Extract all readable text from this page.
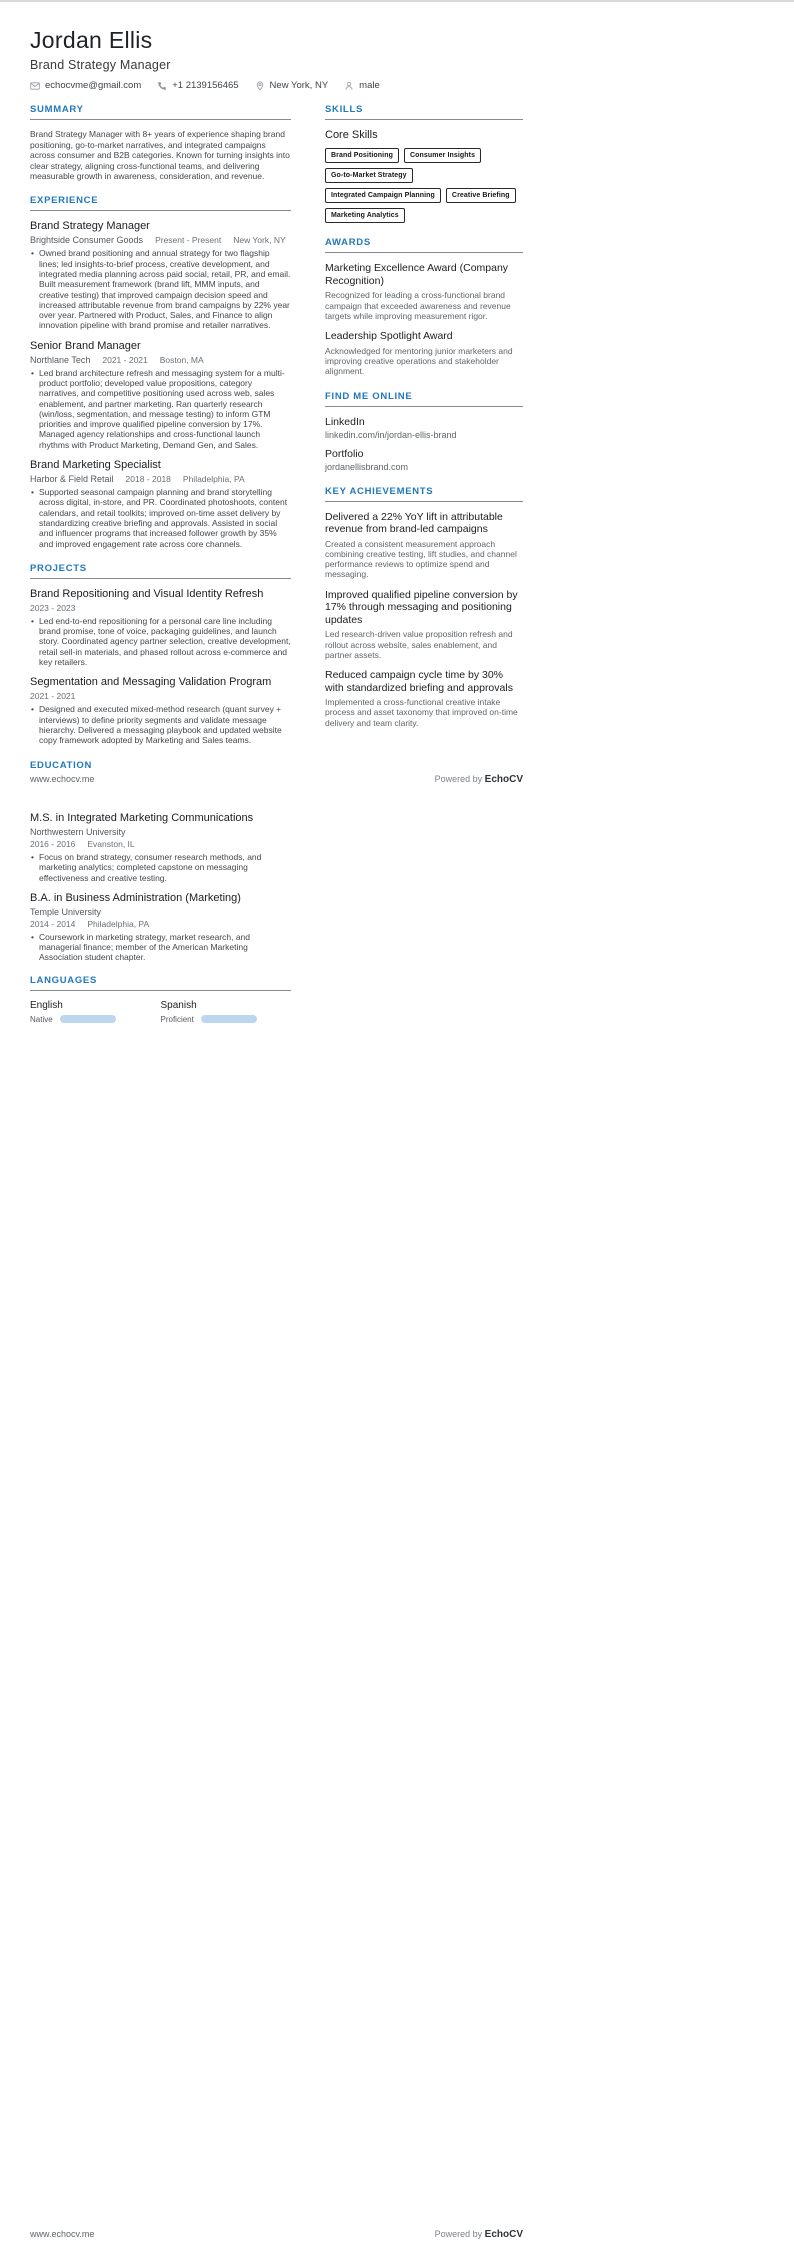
Jordan Ellis
Brand Strategy Manager
echocvme@gmail.com	+1 2139156465	New York, NY	male
SUMMARY
Brand Strategy Manager with 8+ years of experience shaping brand positioning, go-to-market narratives, and integrated campaigns across consumer and B2B categories. Known for turning insights into clear strategy, aligning cross-functional teams, and delivering measurable growth in awareness, consideration, and revenue.
EXPERIENCE
Brand Strategy Manager
Brightside Consumer Goods Present - Present New York, NY
• Owned brand positioning and annual strategy for two flagship lines; led insights-to-brief process, creative development, and integrated media planning across paid social, retail, PR, and email. Built measurement framework (brand lift, MMM inputs, and creative testing) that improved campaign decision speed and increased attributable revenue from brand campaigns by 22% year over year. Partnered with Product, Sales, and Finance to align innovation pipeline with brand promise and retailer narratives.
Senior Brand Manager
Northlane Tech 2021 - 2021 Boston, MA
• Led brand architecture refresh and messaging system for a multi-product portfolio; developed value propositions, category narratives, and competitive positioning used across web, sales enablement, and partner marketing. Ran quarterly research (win/loss, segmentation, and message testing) to inform GTM priorities and improve qualified pipeline conversion by 17%. Managed agency relationships and cross-functional launch rhythms with Product Marketing, Demand Gen, and Sales.
Brand Marketing Specialist
Harbor & Field Retail 2018 - 2018 Philadelphia, PA
• Supported seasonal campaign planning and brand storytelling across digital, in-store, and PR. Coordinated photoshoots, content calendars, and retail toolkits; improved on-time asset delivery by standardizing creative briefing and approvals. Assisted in social and influencer programs that increased follower growth by 35% and improved engagement rate across core channels.
PROJECTS
Brand Repositioning and Visual Identity Refresh
2023 - 2023
• Led end-to-end repositioning for a personal care line including brand promise, tone of voice, packaging guidelines, and launch story. Coordinated agency partner selection, creative development, retail sell-in materials, and phased rollout across e-commerce and key retailers.
Segmentation and Messaging Validation Program
2021 - 2021
• Designed and executed mixed-method research (quant survey + interviews) to define priority segments and validate message hierarchy. Delivered a messaging playbook and updated website copy framework adopted by Marketing and Sales teams.
EDUCATION
SKILLS
Core Skills
Brand Positioning	Consumer Insights
Go-to-Market Strategy
Integrated Campaign Planning	Creative Briefing
Marketing Analytics
AWARDS
Marketing Excellence Award (Company Recognition)
Recognized for leading a cross-functional brand campaign that exceeded awareness and revenue targets while improving measurement rigor.
Leadership Spotlight Award
Acknowledged for mentoring junior marketers and improving creative operations and stakeholder alignment.
FIND ME ONLINE
LinkedIn
linkedin.com/in/jordan-ellis-brand
Portfolio
jordanellisbrand.com
KEY ACHIEVEMENTS
Delivered a 22% YoY lift in attributable revenue from brand-led campaigns
Created a consistent measurement approach combining creative testing, lift studies, and channel performance reviews to optimize spend and messaging.
Improved qualified pipeline conversion by 17% through messaging and positioning updates
Led research-driven value proposition refresh and rollout across website, sales enablement, and partner assets.
Reduced campaign cycle time by 30% with standardized briefing and approvals
Implemented a cross-functional creative intake process and asset taxonomy that improved on-time delivery and team clarity.
www.echocv.me	Powered by EchoCV
M.S. in Integrated Marketing Communications
Northwestern University
2016 - 2016 Evanston, IL
• Focus on brand strategy, consumer research methods, and marketing analytics; completed capstone on messaging effectiveness and creative testing.
B.A. in Business Administration (Marketing)
Temple University
2014 - 2014 Philadelphia, PA
• Coursework in marketing strategy, market research, and managerial finance; member of the American Marketing Association student chapter.
LANGUAGES
English
Native
Spanish
Proficient
www.echocv.me	Powered by EchoCV
